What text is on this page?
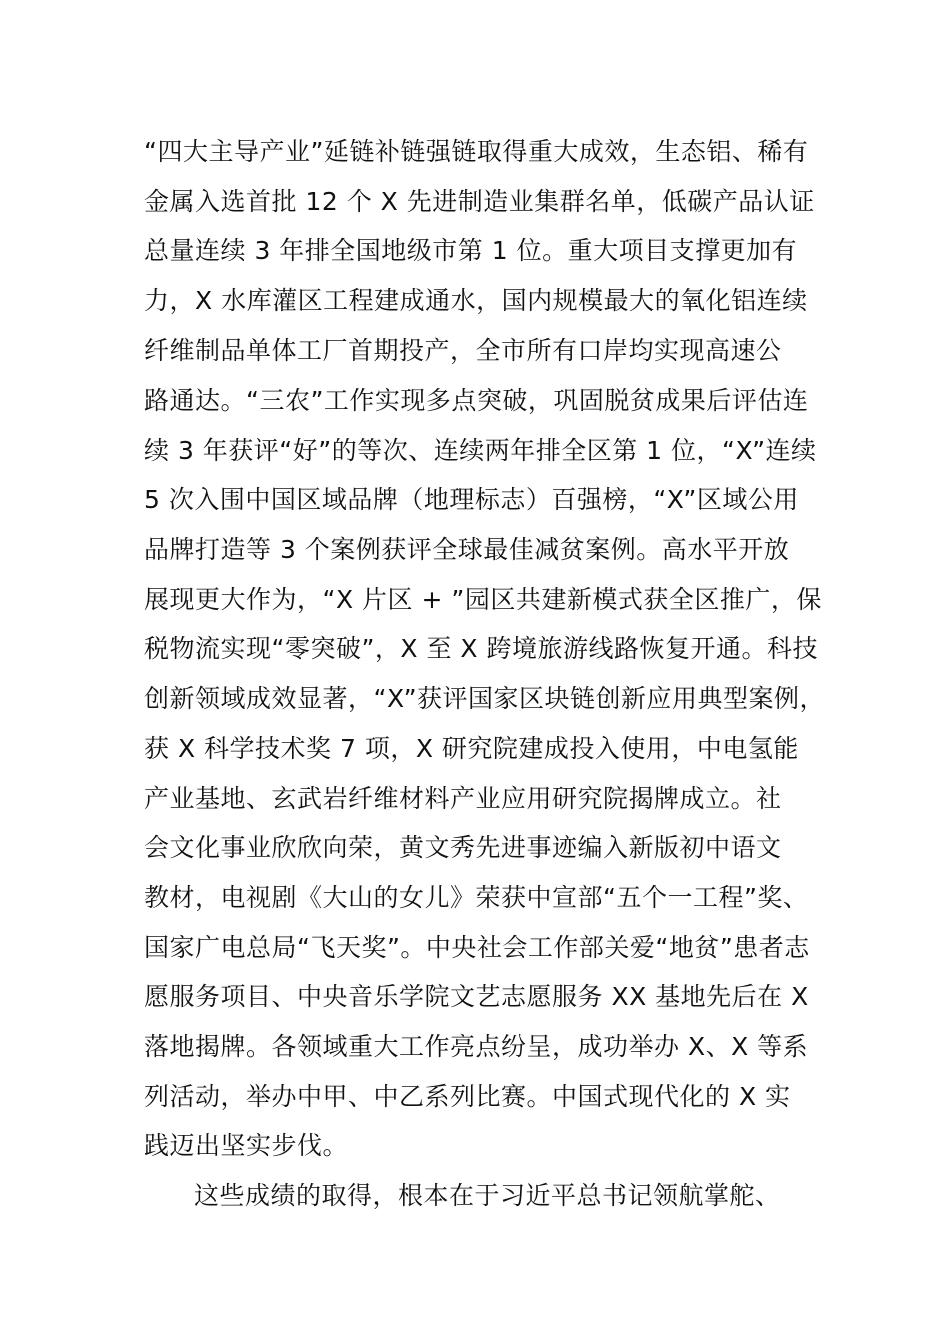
“四大主导产业”延链补链强链取得重大成效，生态铝、稀有
金属入选首批 12 个 X 先进制造业集群名单，低碳产品认证
总量连续 3 年排全国地级市第 1 位。重大项目支撑更加有
力，X 水库灌区工程建成通水，国内规模最大的氧化铝连续
纤维制品单体工厂首期投产，全市所有口岸均实现高速公
路通达。“三农”工作实现多点突破，巩固脱贫成果后评估连
续 3 年获评“好”的等次、连续两年排全区第 1 位，“X”连续
5 次入围中国区域品牌（地理标志）百强榜，“X”区域公用
品牌打造等 3 个案例获评全球最佳减贫案例。高水平开放
展现更大作为，“X 片区 + ”园区共建新模式获全区推广，保
税物流实现“零突破”，X 至 X 跨境旅游线路恢复开通。科技
创新领域成效显著，“X”获评国家区块链创新应用典型案例，
获 X 科学技术奖 7 项，X 研究院建成投入使用，中电氢能
产业基地、玄武岩纤维材料产业应用研究院揭牌成立。社
会文化事业欣欣向荣，黄文秀先进事迹编入新版初中语文
教材，电视剧《大山的女儿》荣获中宣部“五个一工程”奖、
国家广电总局“飞天奖”。中央社会工作部关爱“地贫”患者志
愿服务项目、中央音乐学院文艺志愿服务 XX 基地先后在 X
落地揭牌。各领域重大工作亮点纷呈，成功举办 X、X 等系
列活动，举办中甲、中乙系列比赛。中国式现代化的 X 实
践迈出坚实步伐。
这些成绩的取得，根本在于习近平总书记领航掌舵、
